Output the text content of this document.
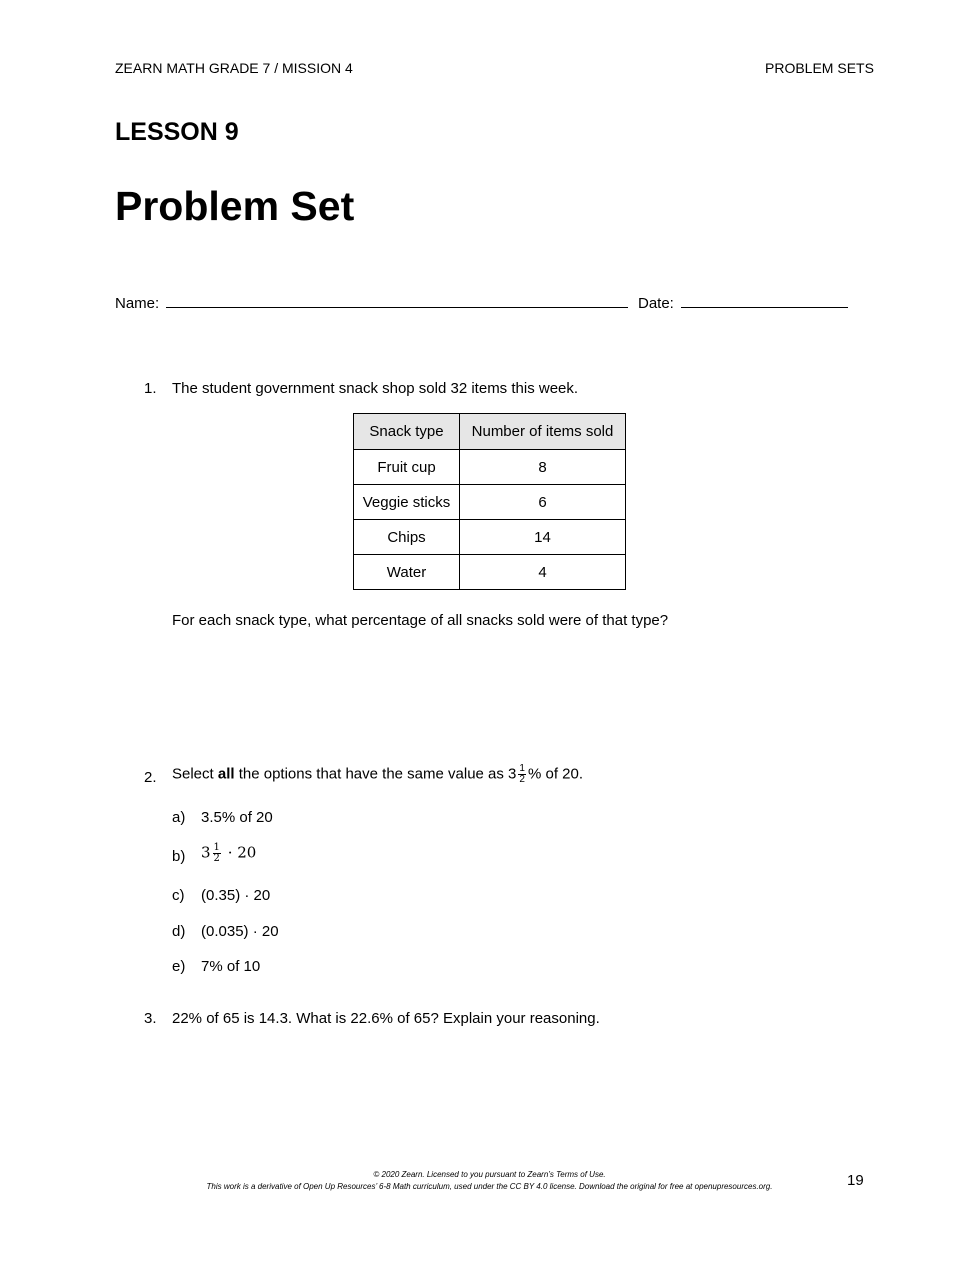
ZEARN MATH GRADE 7 / MISSION 4	PROBLEM SETS
LESSON 9
Problem Set
Name:	Date:
1. The student government snack shop sold 32 items this week.
Snack type	Number of items sold
Fruit cup	8
Veggie sticks	6
Chips	14
Water	4
For each snack type, what percentage of all snacks sold were of that type?
2. Select all the options that have the same value as $3 \frac{1}{2}$ % of 20.
a) 3.5% of 20
b) $3 \frac{1}{2} \cdot 20$
c) (0.35) · 20
d) (0.035) · 20
e) 7% of 10
3. 22% of 65 is 14.3. What is 22.6% of 65? Explain your reasoning.
© 2020 Zearn. Licensed to you pursuant to Zearn’s Terms of Use.
This work is a derivative of Open Up Resources’ 6-8 Math curriculum, used under the CC BY 4.0 license. Download the original for free at openupresources.org.	19
